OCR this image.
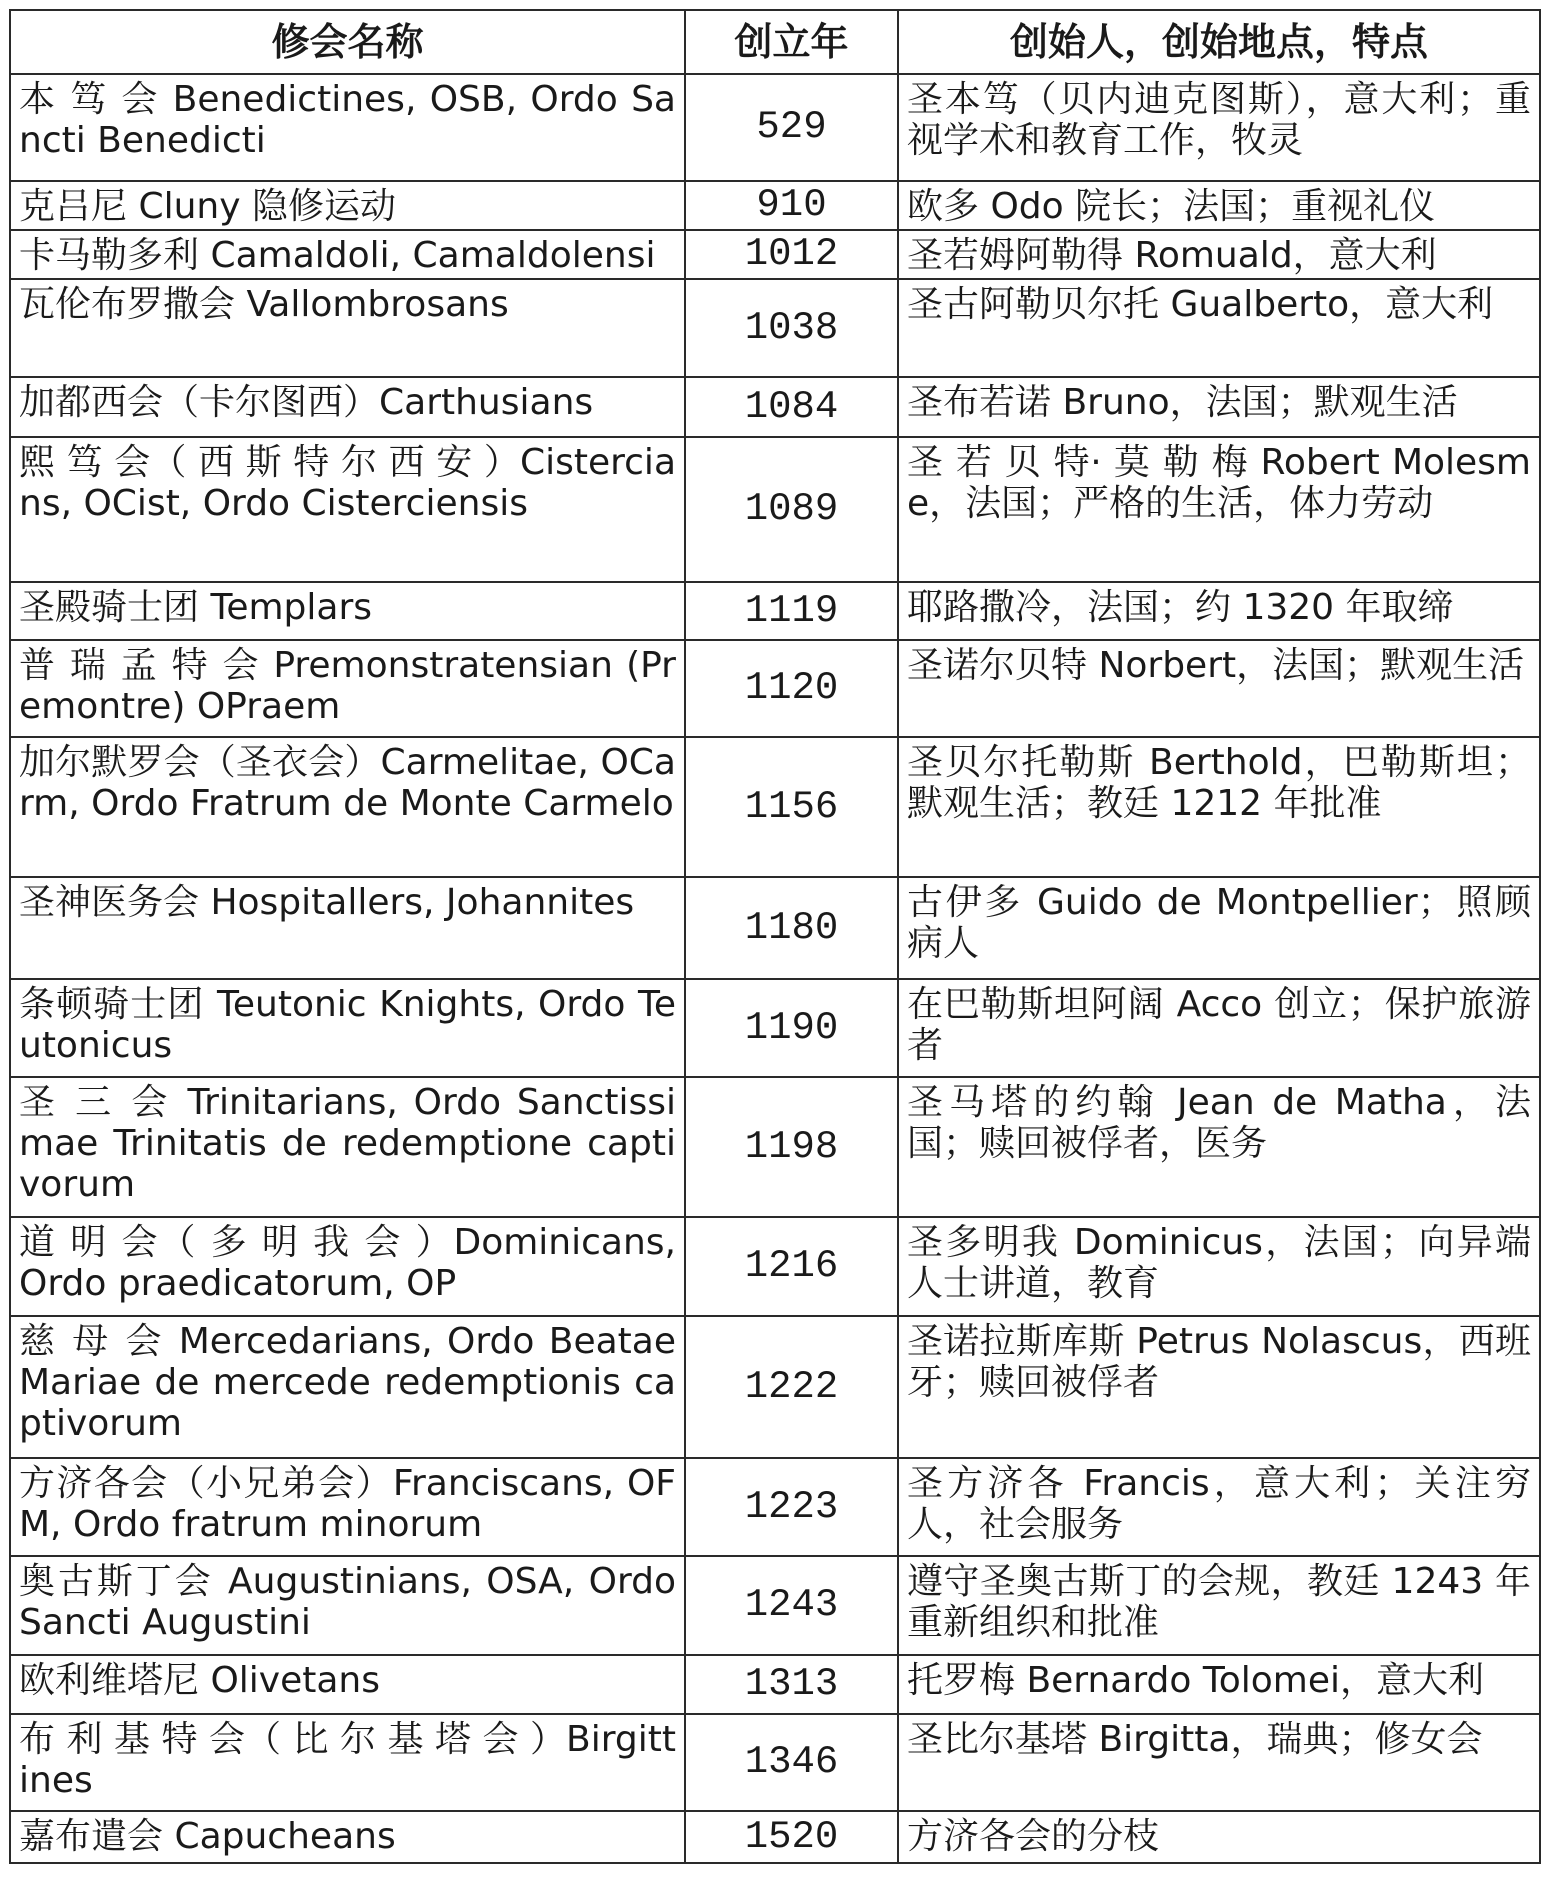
修会名称	创立年	创始人，创始地点，特点
本 笃 会 Benedictines, OSB, Ordo Sancti Benedicti	529	圣本笃（贝内迪克图斯），意大利；重视学术和教育工作，牧灵
克吕尼 Cluny 隐修运动	910	欧多 Odo 院长；法国；重视礼仪
卡马勒多利 Camaldoli, Camaldolensi	1012	圣若姆阿勒得 Romuald，意大利
瓦伦布罗撒会 Vallombrosans	1038	圣古阿勒贝尔托 Gualberto，意大利
加都西会（卡尔图西）Carthusians	1084	圣布若诺 Bruno，法国；默观生活
熙 笃 会（ 西 斯 特 尔 西 安 ）Cistercians, OCist, Ordo Cisterciensis	1089	圣 若 贝 特· 莫 勒 梅 Robert Molesme，法国；严格的生活，体力劳动
圣殿骑士团 Templars	1119	耶路撒冷，法国；约 1320 年取缔
普 瑞 孟 特 会 Premonstratensian (Premontre) OPraem	1120	圣诺尔贝特 Norbert，法国；默观生活
加尔默罗会（圣衣会）Carmelitae, OCarm, Ordo Fratrum de Monte Carmelo	1156	圣贝尔托勒斯 Berthold，巴勒斯坦；默观生活；教廷 1212 年批准
圣神医务会 Hospitallers, Johannites	1180	古伊多 Guido de Montpellier；照顾病人
条顿骑士团 Teutonic Knights, Ordo Teutonicus	1190	在巴勒斯坦阿阔 Acco 创立；保护旅游者
圣 三 会 Trinitarians, Ordo Sanctissimae Trinitatis de redemptione captivorum	1198	圣马塔的约翰 Jean de Matha，法国；赎回被俘者，医务
道 明 会（ 多 明 我 会 ）Dominicans, Ordo praedicatorum, OP	1216	圣多明我 Dominicus，法国；向异端人士讲道，教育
慈 母 会 Mercedarians, Ordo Beatae Mariae de mercede redemptionis captivorum	1222	圣诺拉斯库斯 Petrus Nolascus，西班牙；赎回被俘者
方济各会（小兄弟会）Franciscans, OFM, Ordo fratrum minorum	1223	圣方济各 Francis，意大利；关注穷人，社会服务
奥古斯丁会 Augustinians, OSA, Ordo Sancti Augustini	1243	遵守圣奥古斯丁的会规，教廷 1243 年重新组织和批准
欧利维塔尼 Olivetans	1313	托罗梅 Bernardo Tolomei，意大利
布 利 基 特 会（ 比 尔 基 塔 会 ）Birgittines	1346	圣比尔基塔 Birgitta，瑞典；修女会
嘉布遣会 Capucheans	1520	方济各会的分枝
